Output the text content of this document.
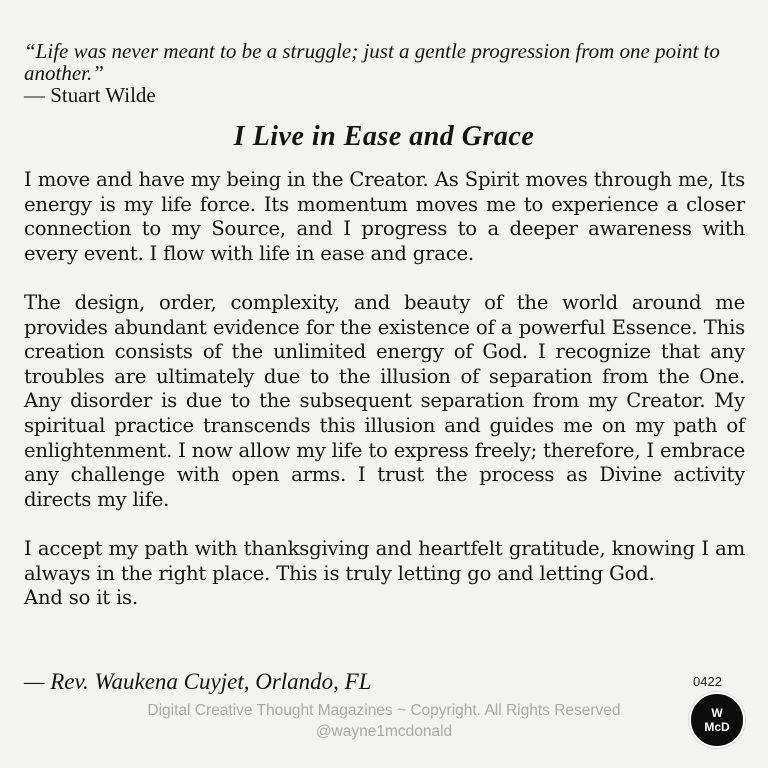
“Life was never meant to be a struggle; just a gentle progression from one point to another.”

— Stuart Wilde

I Live in Ease and Grace

I move and have my being in the Creator. As Spirit moves through me, Its energy is my life force. Its momentum moves me to experience a closer connection to my Source, and I progress to a deeper awareness with every event. I flow with life in ease and grace.

The design, order, complexity, and beauty of the world around me provides abundant evidence for the existence of a powerful Essence. This creation consists of the unlimited energy of God. I recognize that any troubles are ultimately due to the illusion of separation from the One. Any disorder is due to the subsequent separation from my Creator. My spiritual practice transcends this illusion and guides me on my path of enlightenment. I now allow my life to express freely; therefore, I embrace any challenge with open arms. I trust the process as Divine activity directs my life.

I accept my path with thanksgiving and heartfelt gratitude, knowing I am always in the right place. This is truly letting go and letting God.

And so it is.

— Rev. Waukena Cuyjet, Orlando, FL	0422
Digital Creative Thought Magazines ~ Copyright. All Rights Reserved
@wayne1mcdonald
W
McD
